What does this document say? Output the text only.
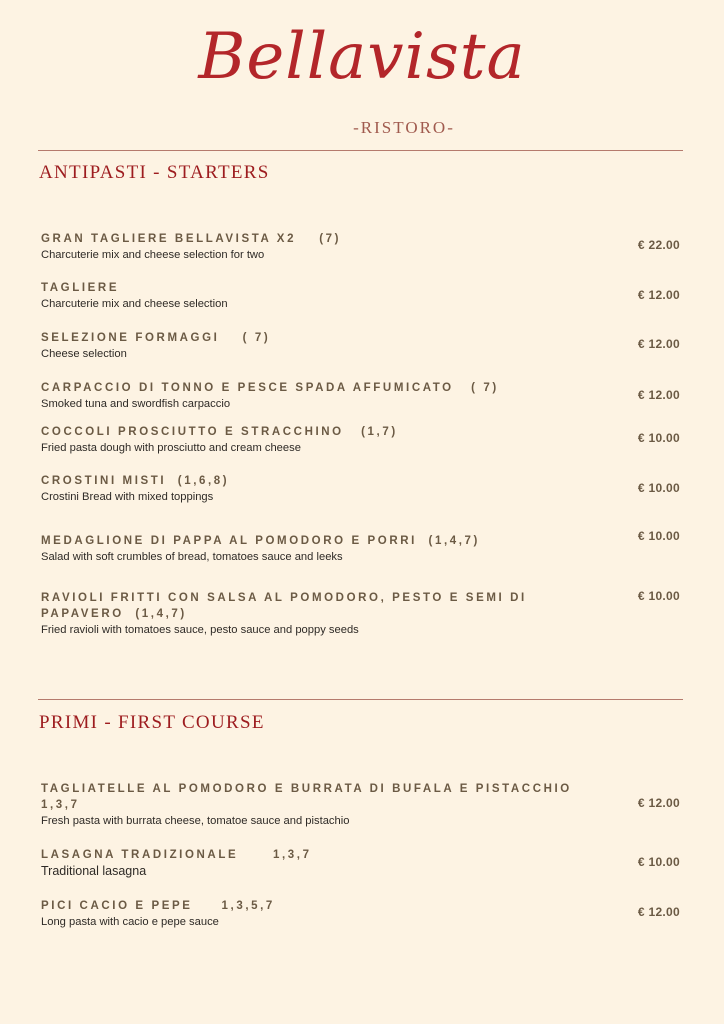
Bellavista
-RISTORO-
ANTIPASTI - STARTERS
GRAN TAGLIERE BELLAVISTA X2    (7)
Charcuterie mix and cheese selection for two
€ 22.00
TAGLIERE
Charcuterie mix and cheese selection
€ 12.00
SELEZIONE FORMAGGI    ( 7)
Cheese selection
€ 12.00
CARPACCIO DI TONNO E PESCE SPADA AFFUMICATO   ( 7)
Smoked tuna and swordfish carpaccio
€ 12.00
COCCOLI PROSCIUTTO E STRACCHINO   (1,7)
Fried pasta dough with prosciutto and cream cheese
€ 10.00
CROSTINI MISTI  (1,6,8)
Crostini Bread with mixed toppings
€ 10.00
MEDAGLIONE DI PAPPA AL POMODORO E PORRI  (1,4,7)
Salad with soft crumbles of bread, tomatoes sauce and leeks
€ 10.00
RAVIOLI FRITTI CON SALSA AL POMODORO, PESTO E SEMI DI PAPAVERO  (1,4,7)
Fried ravioli with tomatoes sauce, pesto sauce and poppy seeds
€ 10.00
PRIMI - FIRST COURSE
TAGLIATELLE AL POMODORO E BURRATA DI BUFALA E PISTACCHIO 1,3,7
Fresh pasta with burrata cheese, tomatoe sauce and pistachio
€ 12.00
LASAGNA TRADIZIONALE      1,3,7
Traditional lasagna
€ 10.00
PICI CACIO E PEPE     1,3,5,7
Long pasta with cacio e pepe sauce
€ 12.00
